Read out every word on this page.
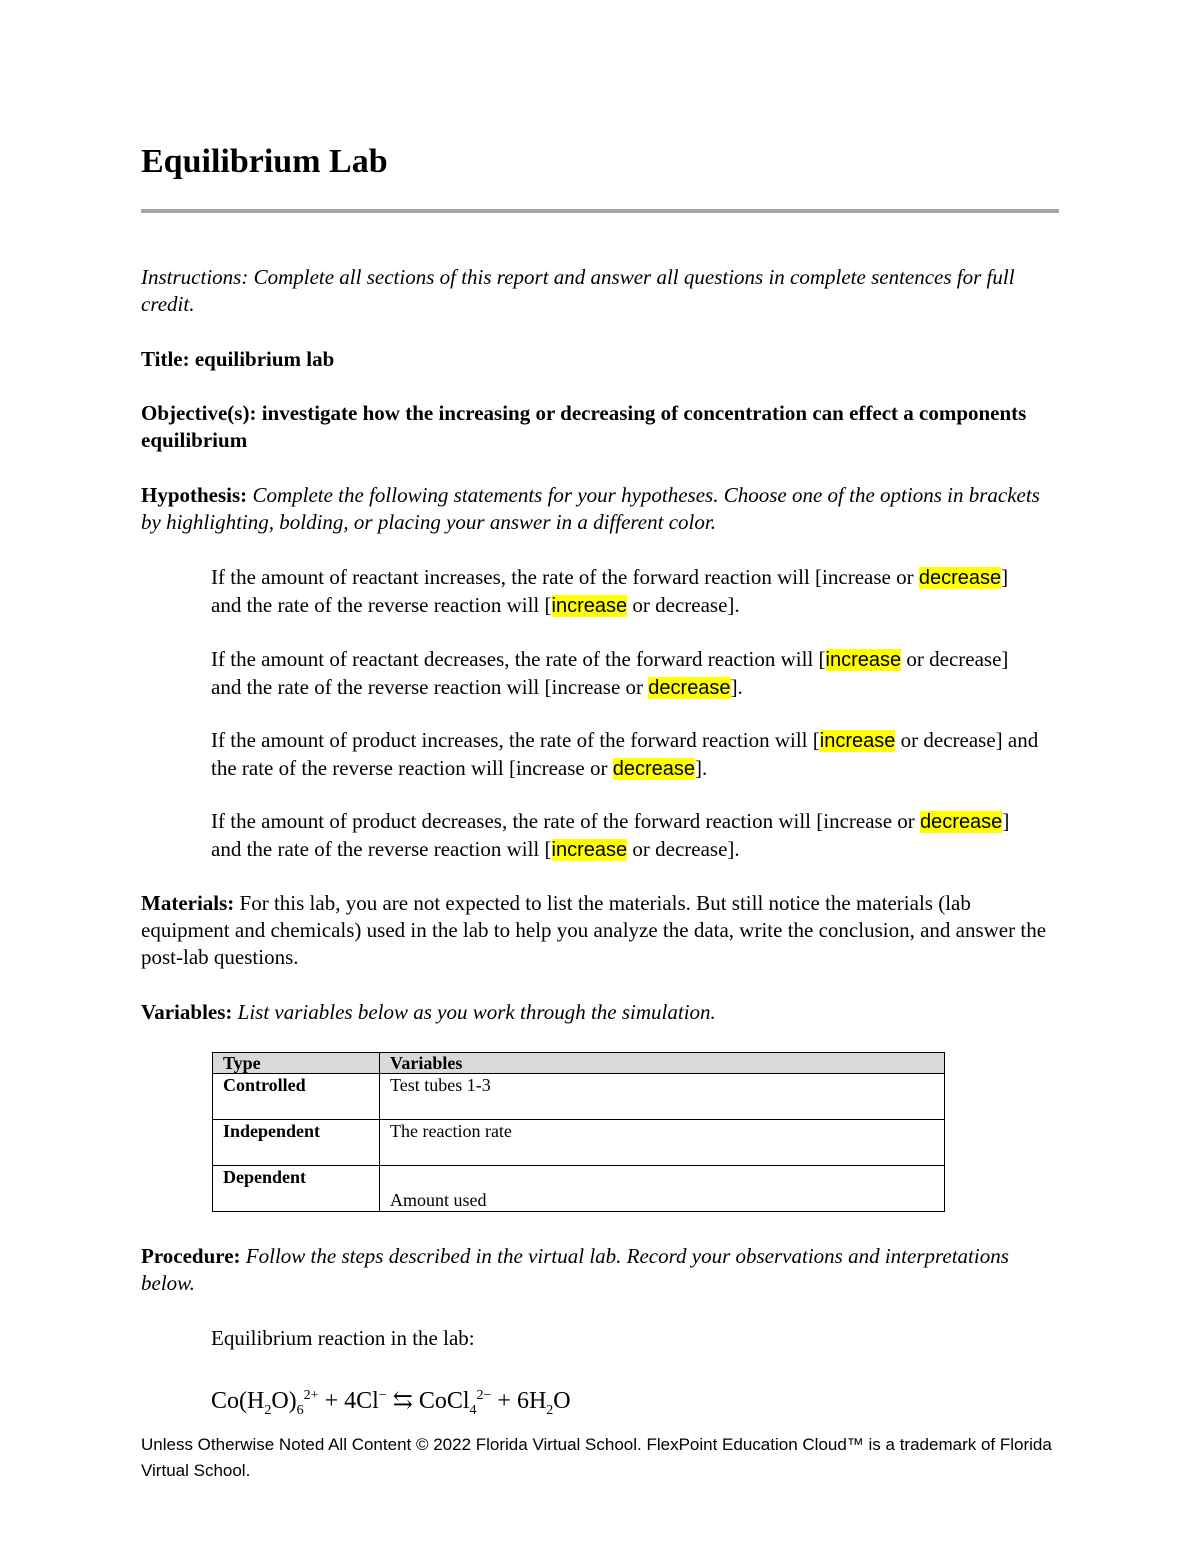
Equilibrium Lab
Instructions: Complete all sections of this report and answer all questions in complete sentences for full credit.
Title: equilibrium lab
Objective(s): investigate how the increasing or decreasing of concentration can effect a components equilibrium
Hypothesis: Complete the following statements for your hypotheses. Choose one of the options in brackets by highlighting, bolding, or placing your answer in a different color.
If the amount of reactant increases, the rate of the forward reaction will [increase or decrease] and the rate of the reverse reaction will [increase or decrease].
If the amount of reactant decreases, the rate of the forward reaction will [increase or decrease] and the rate of the reverse reaction will [increase or decrease].
If the amount of product increases, the rate of the forward reaction will [increase or decrease] and the rate of the reverse reaction will [increase or decrease].
If the amount of product decreases, the rate of the forward reaction will [increase or decrease] and the rate of the reverse reaction will [increase or decrease].
Materials: For this lab, you are not expected to list the materials. But still notice the materials (lab equipment and chemicals) used in the lab to help you analyze the data, write the conclusion, and answer the post-lab questions.
Variables: List variables below as you work through the simulation.
Type	Variables
Controlled	Test tubes 1-3
Independent	The reaction rate
Dependent	Amount used
Procedure: Follow the steps described in the virtual lab. Record your observations and interpretations below.
Equilibrium reaction in the lab:
$Co(H_2O)_6^{2+} + 4Cl^-$ ⇆ CoCl$_4^{2-}$ + $6H_2O$
Unless Otherwise Noted All Content © 2022 Florida Virtual School. FlexPoint Education Cloud™ is a trademark of Florida Virtual School.
